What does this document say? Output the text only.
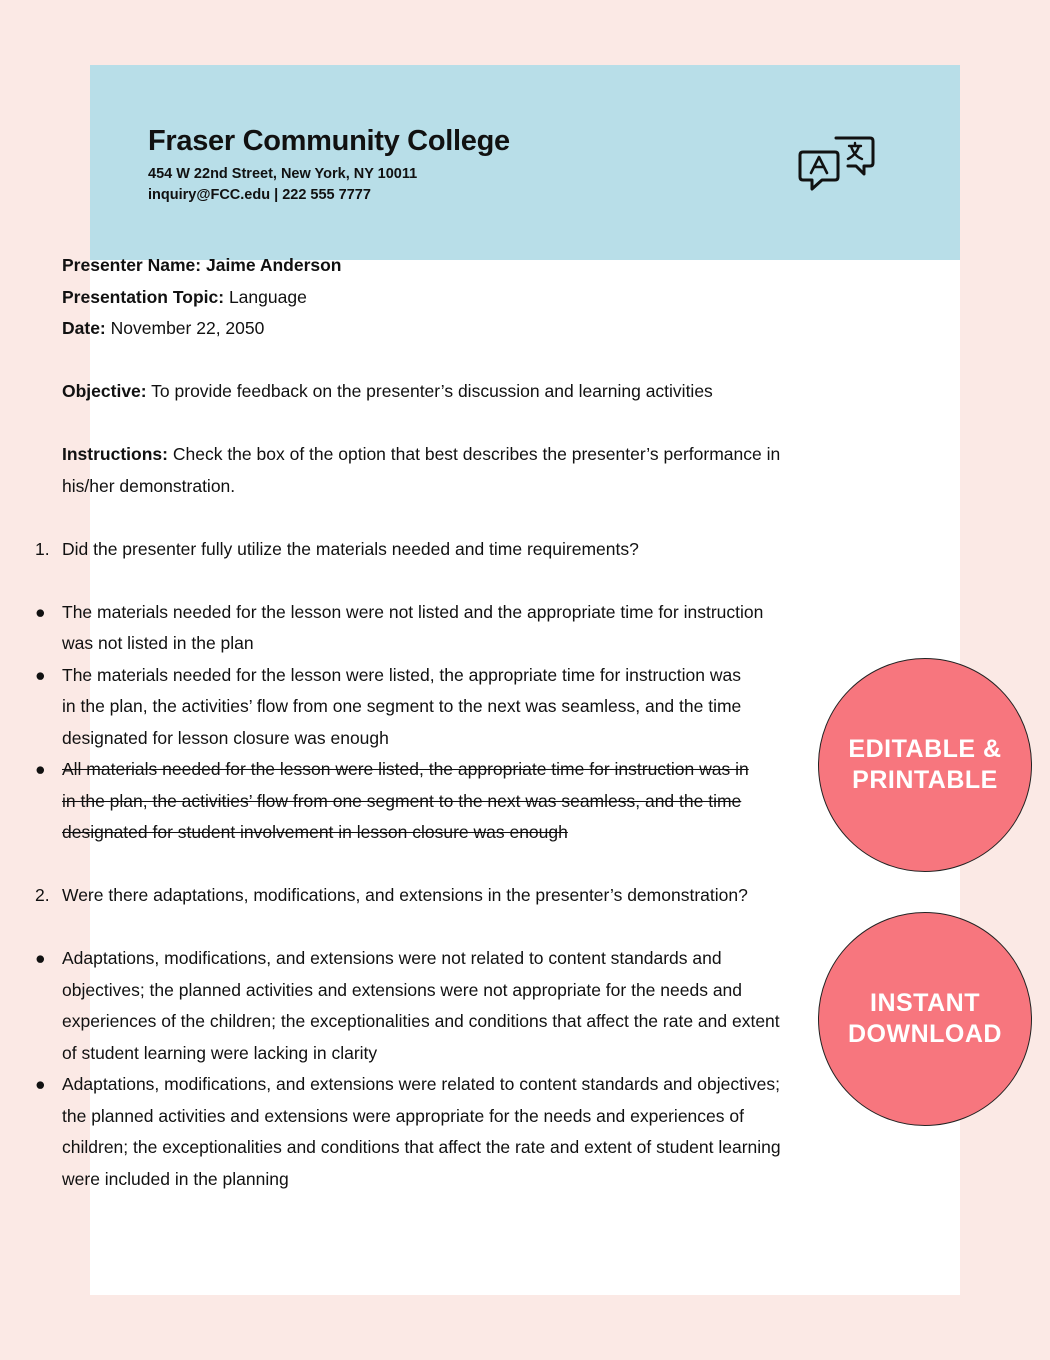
Fraser Community College
454 W 22nd Street, New York, NY 10011
inquiry@FCC.edu | 222 555 7777

Presenter Name: Jaime Anderson

Presentation Topic: Language

Date: November 22, 2050

Objective: To provide feedback on the presenter’s discussion and learning activities

Instructions: Check the box of the option that best describes the presenter’s performance in

his/her demonstration.

1. Did the presenter fully utilize the materials needed and time requirements?

● The materials needed for the lesson were not listed and the appropriate time for instruction

was not listed in the plan

● The materials needed for the lesson were listed, the appropriate time for instruction was

in the plan, the activities’ flow from one segment to the next was seamless, and the time

designated for lesson closure was enough

● All materials needed for the lesson were listed, the appropriate time for instruction was in

in the plan, the activities’ flow from one segment to the next was seamless, and the time

designated for student involvement in lesson closure was enough

2. Were there adaptations, modifications, and extensions in the presenter’s demonstration?

● Adaptations, modifications, and extensions were not related to content standards and

objectives; the planned activities and extensions were not appropriate for the needs and

experiences of the children; the exceptionalities and conditions that affect the rate and extent

of student learning were lacking in clarity

● Adaptations, modifications, and extensions were related to content standards and objectives;

the planned activities and extensions were appropriate for the needs and experiences of

children; the exceptionalities and conditions that affect the rate and extent of student learning

were included in the planning

EDITABLE &
PRINTABLE
INSTANT
DOWNLOAD
